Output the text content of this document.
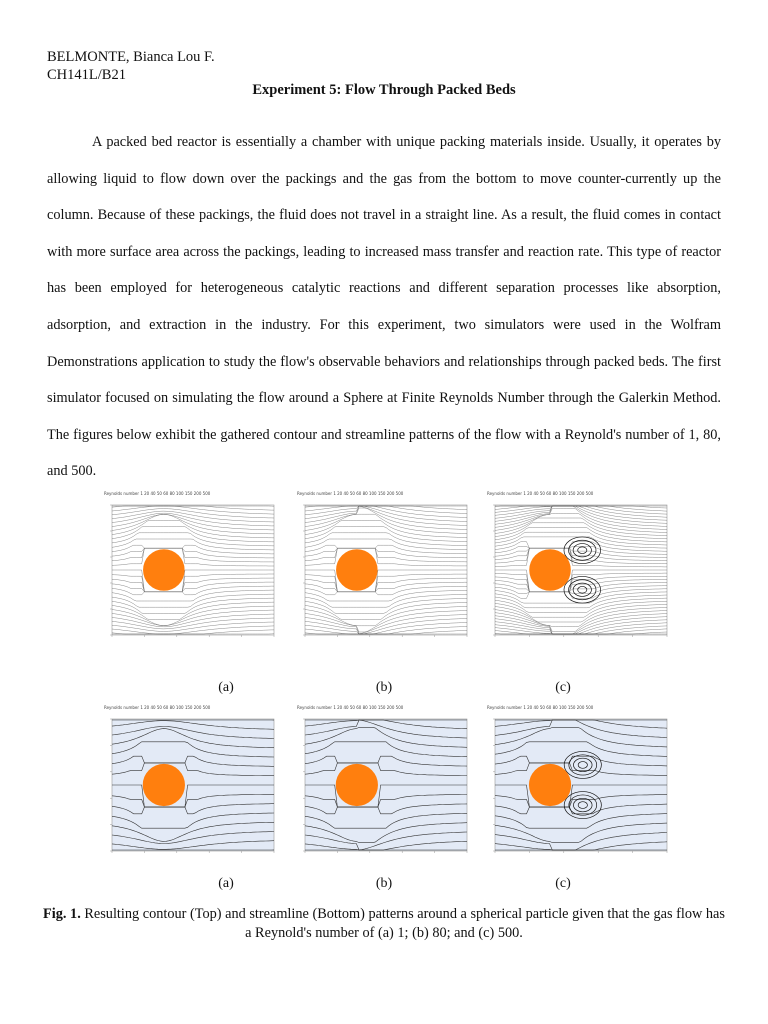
BELMONTE, Bianca Lou F.
CH141L/B21
Experiment 5: Flow Through Packed Beds
A packed bed reactor is essentially a chamber with unique packing materials inside. Usually, it operates by allowing liquid to flow down over the packings and the gas from the bottom to move counter-currently up the column. Because of these packings, the fluid does not travel in a straight line. As a result, the fluid comes in contact with more surface area across the packings, leading to increased mass transfer and reaction rate. This type of reactor has been employed for heterogeneous catalytic reactions and different separation processes like absorption, adsorption, and extraction in the industry. For this experiment, two simulators were used in the Wolfram Demonstrations application to study the flow's observable behaviors and relationships through packed beds. The first simulator focused on simulating the flow around a Sphere at Finite Reynolds Number through the Galerkin Method. The figures below exhibit the gathered contour and streamline patterns of the flow with a Reynold's number of 1, 80, and 500.
Reynolds number 1 20 40 50 60 80 100 150 200 500	Reynolds number 1 20 40 50 60 80 100 150 200 500	Reynolds number 1 20 40 50 60 80 100 150 200 500
(a)	(b)	(c)
Reynolds number 1 20 40 50 60 80 100 150 200 500	Reynolds number 1 20 40 50 60 80 100 150 200 500	Reynolds number 1 20 40 50 60 80 100 150 200 500
(a)	(b)	(c)
Fig. 1. Resulting contour (Top) and streamline (Bottom) patterns around a spherical particle given that the gas flow has a Reynold's number of (a) 1; (b) 80; and (c) 500.
